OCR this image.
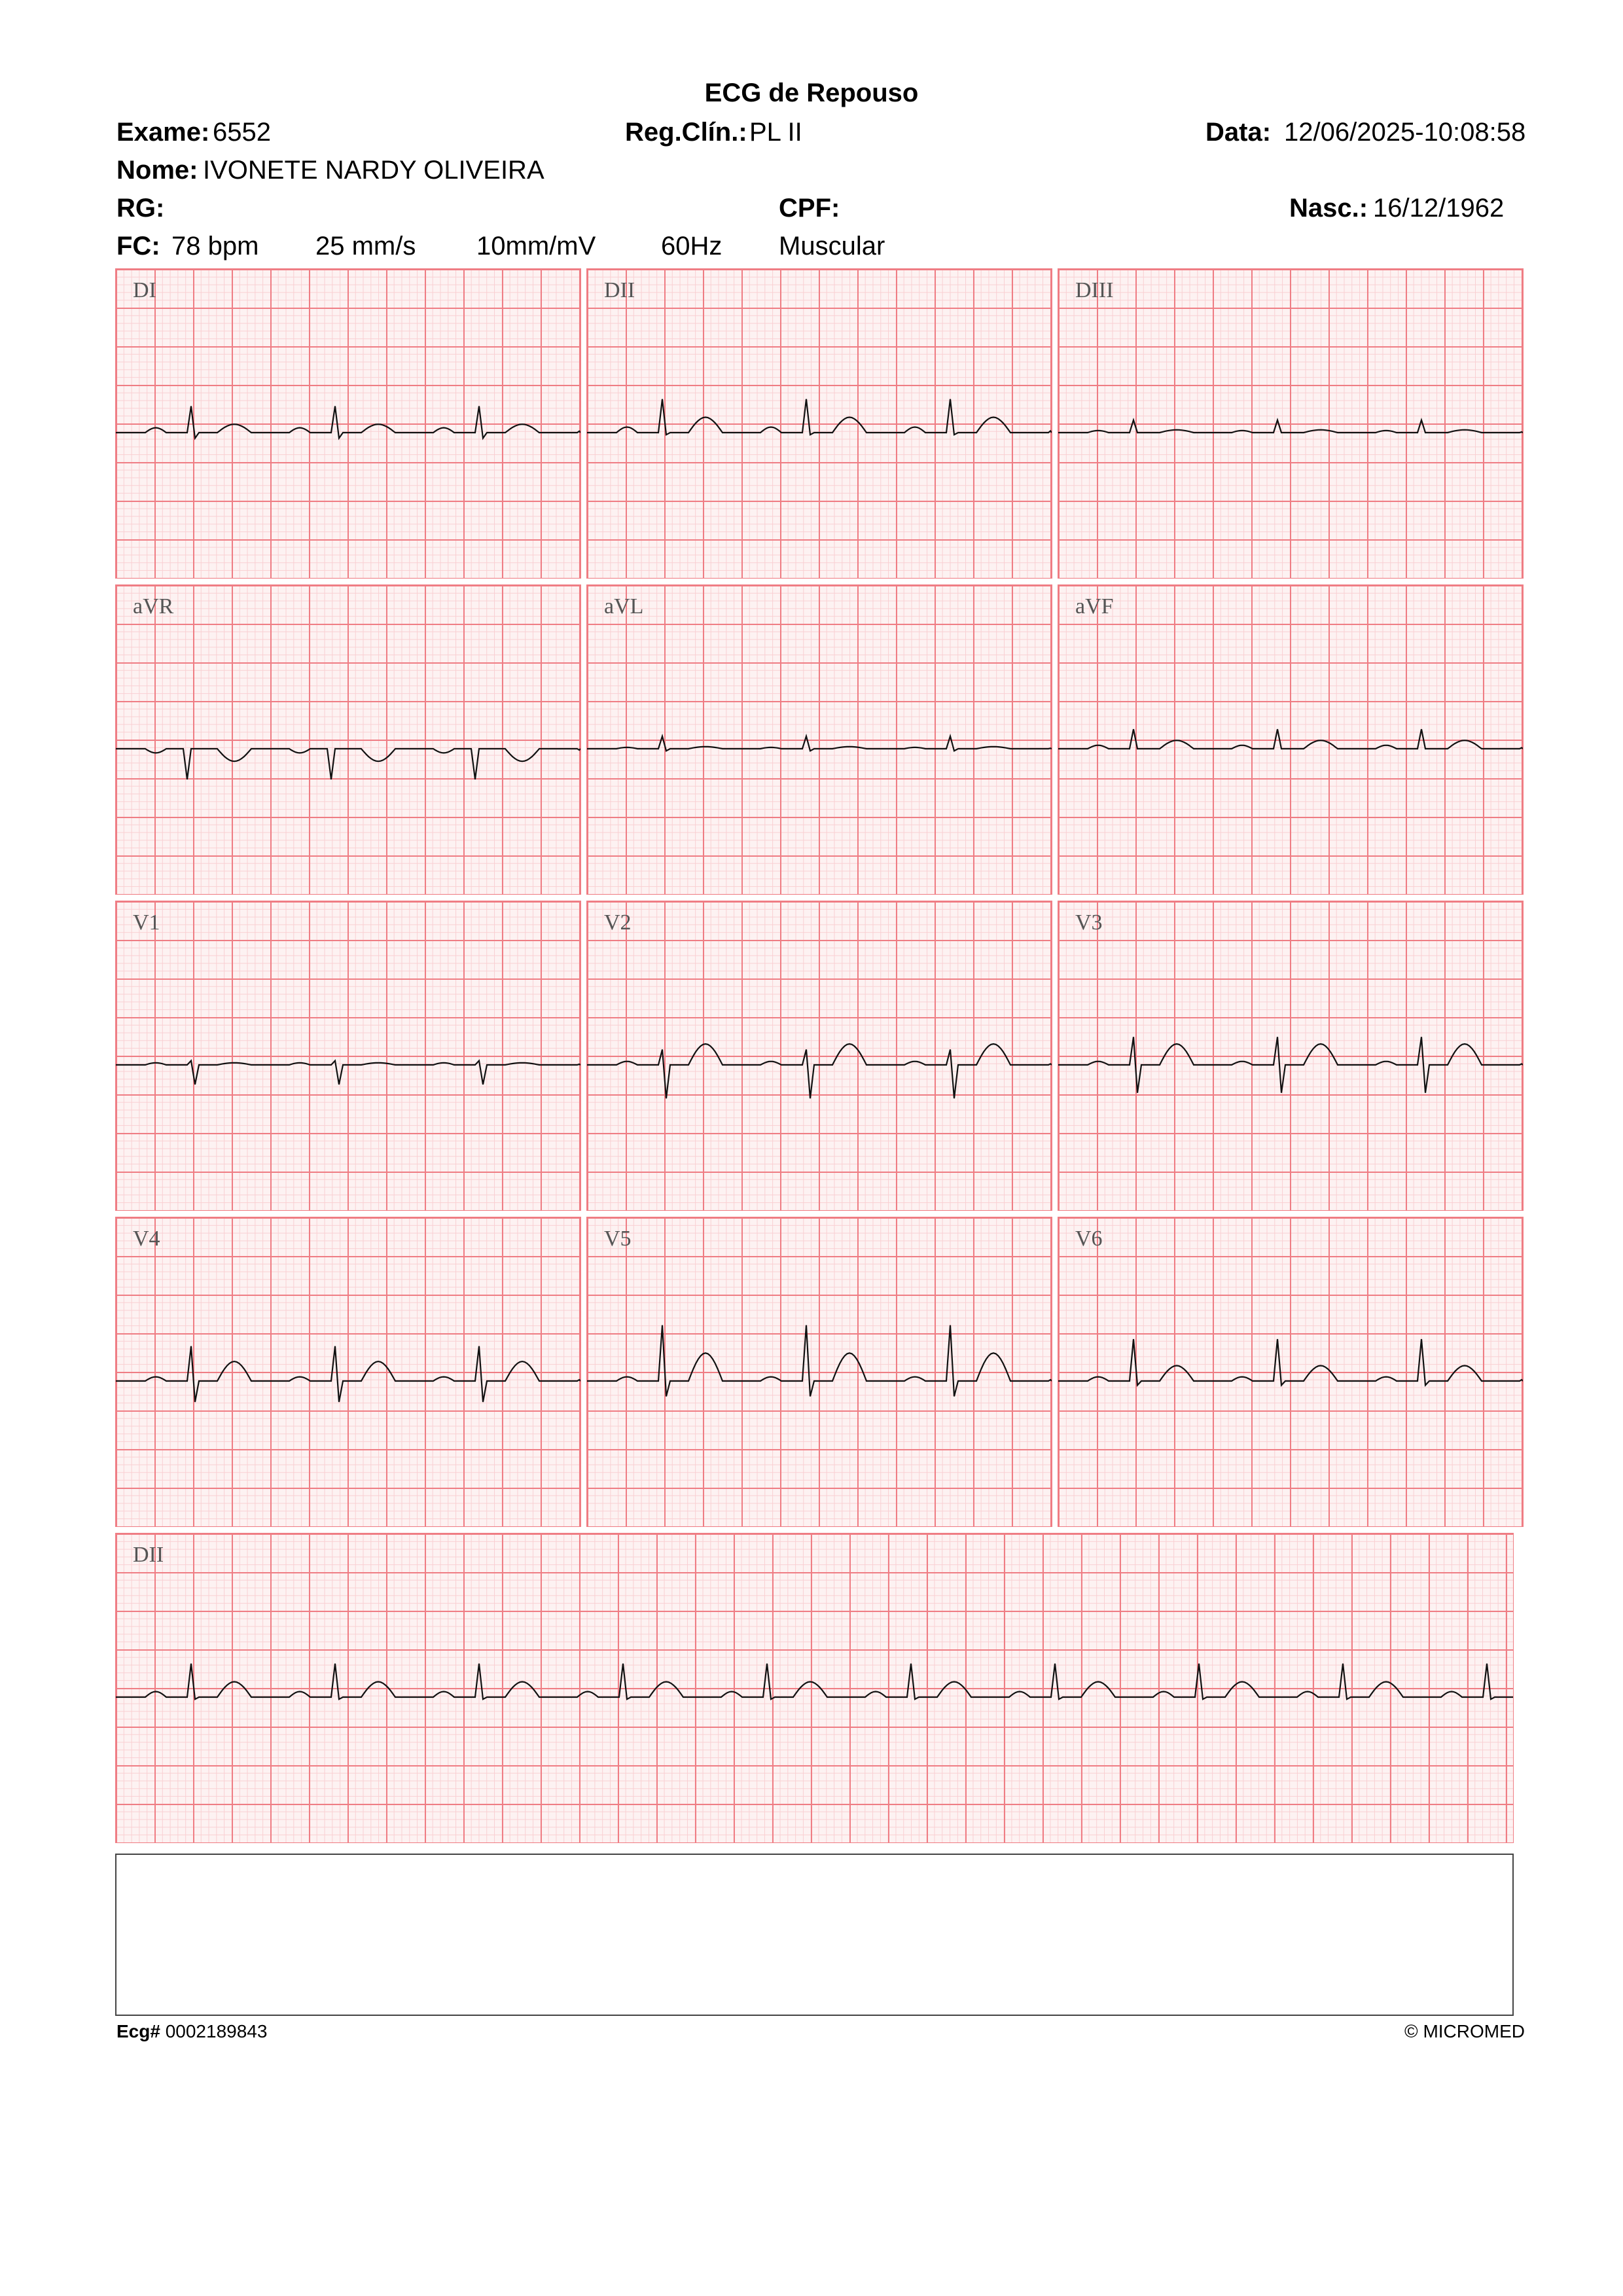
ECG de Repouso
Exame: 6552	Reg.Clín.: PL II	Data: 12/06/2025-10:08:58
Nome: IVONETE NARDY OLIVEIRA
RG:	CPF:	Nasc.: 16/12/1962
FC: 78 bpm 25 mm/s 10mm/mV 60Hz Muscular
DI	DII	DIII
aVR	aVL	aVF
V1	V2	V3
V4	V5	V6
DII
Ecg# 0002189843	© MICROMED
